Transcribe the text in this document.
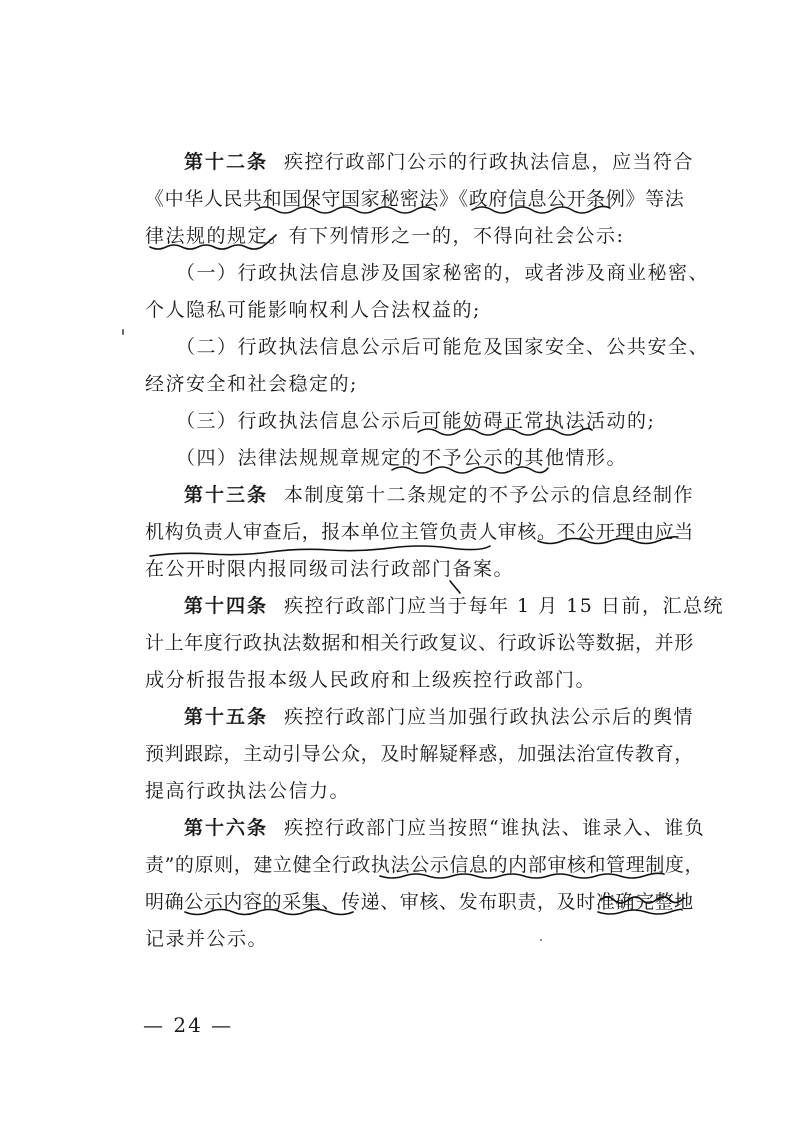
第十二条 疾控行政部门公示的行政执法信息，应当符合
《中华人民共和国保守国家秘密法》《政府信息公开条例》等法
律法规的规定。有下列情形之一的，不得向社会公示:
（一）行政执法信息涉及国家秘密的，或者涉及商业秘密、
个人隐私可能影响权利人合法权益的;
（二）行政执法信息公示后可能危及国家安全、公共安全、
经济安全和社会稳定的;
（三）行政执法信息公示后可能妨碍正常执法活动的;
（四）法律法规规章规定的不予公示的其他情形。
第十三条 本制度第十二条规定的不予公示的信息经制作
机构负责人审查后，报本单位主管负责人审核。不公开理由应当
在公开时限内报同级司法行政部门备案。
第十四条 疾控行政部门应当于每年 1 月 15 日前，汇总统
计上年度行政执法数据和相关行政复议、行政诉讼等数据，并形
成分析报告报本级人民政府和上级疾控行政部门。
第十五条 疾控行政部门应当加强行政执法公示后的舆情
预判跟踪，主动引导公众，及时解疑释惑，加强法治宣传教育，
提高行政执法公信力。
第十六条 疾控行政部门应当按照“谁执法、谁录入、谁负
责”的原则，建立健全行政执法公示信息的内部审核和管理制度，
明确公示内容的采集、传递、审核、发布职责，及时准确完整地
记录并公示。
— 24 —
